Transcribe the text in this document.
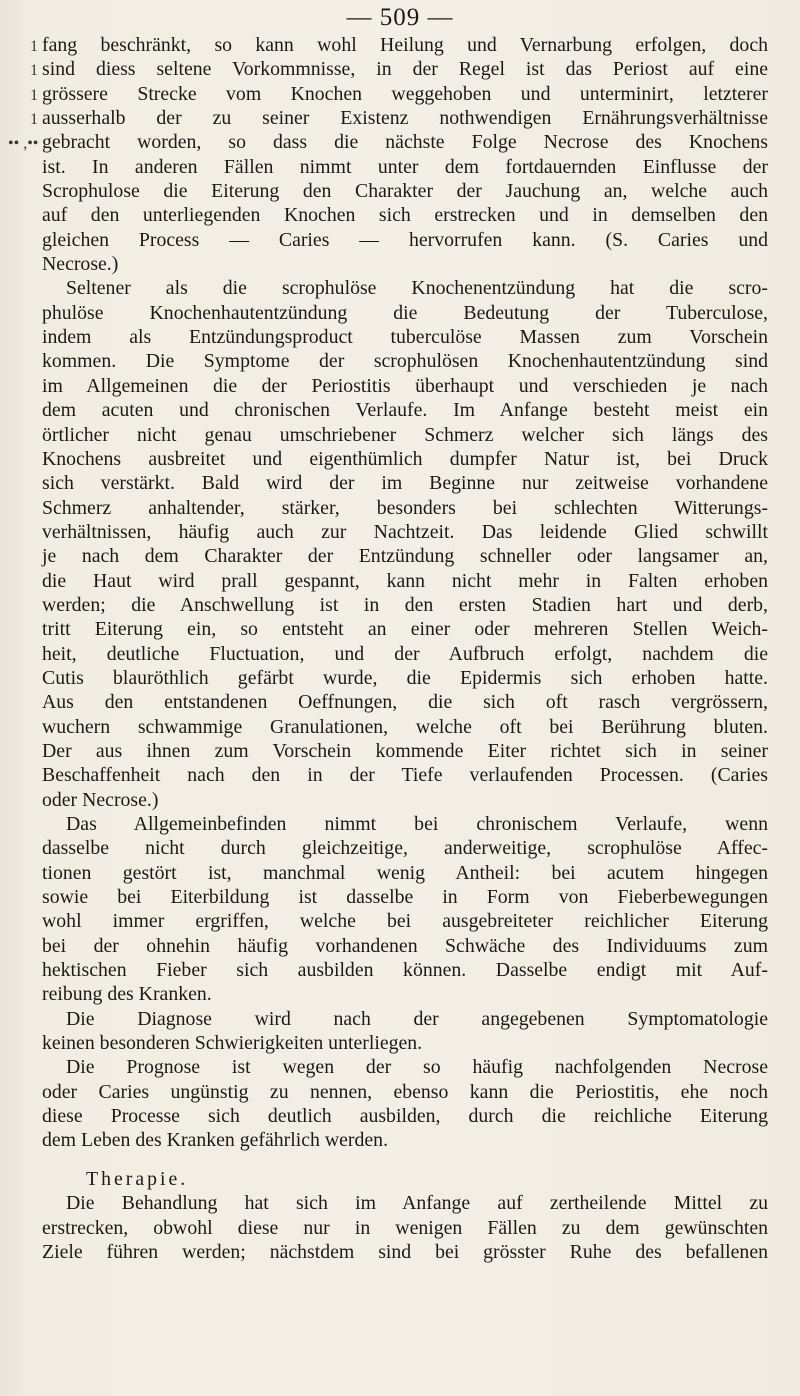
— 509 —
1
1
1
1
•• ,••
fang beschränkt, so kann wohl Heilung und Vernarbung erfolgen, doch
sind diess seltene Vorkommnisse, in der Regel ist das Periost auf eine
grössere Strecke vom Knochen weggehoben und unterminirt, letzterer
ausserhalb der zu seiner Existenz nothwendigen Ernährungsverhältnisse
gebracht worden, so dass die nächste Folge Necrose des Knochens
ist. In anderen Fällen nimmt unter dem fortdauernden Einflusse der
Scrophulose die Eiterung den Charakter der Jauchung an, welche auch
auf den unterliegenden Knochen sich erstrecken und in demselben den
gleichen Process — Caries — hervorrufen kann. (S. Caries und
Necrose.)
Seltener als die scrophulöse Knochenentzündung hat die scro-
phulöse Knochenhautentzündung die Bedeutung der Tuberculose,
indem als Entzündungsproduct tuberculöse Massen zum Vorschein
kommen. Die Symptome der scrophulösen Knochenhautentzündung sind
im Allgemeinen die der Periostitis überhaupt und verschieden je nach
dem acuten und chronischen Verlaufe. Im Anfange besteht meist ein
örtlicher nicht genau umschriebener Schmerz welcher sich längs des
Knochens ausbreitet und eigenthümlich dumpfer Natur ist, bei Druck
sich verstärkt. Bald wird der im Beginne nur zeitweise vorhandene
Schmerz anhaltender, stärker, besonders bei schlechten Witterungs-
verhältnissen, häufig auch zur Nachtzeit. Das leidende Glied schwillt
je nach dem Charakter der Entzündung schneller oder langsamer an,
die Haut wird prall gespannt, kann nicht mehr in Falten erhoben
werden; die Anschwellung ist in den ersten Stadien hart und derb,
tritt Eiterung ein, so entsteht an einer oder mehreren Stellen Weich-
heit, deutliche Fluctuation, und der Aufbruch erfolgt, nachdem die
Cutis blauröthlich gefärbt wurde, die Epidermis sich erhoben hatte.
Aus den entstandenen Oeffnungen, die sich oft rasch vergrössern,
wuchern schwammige Granulationen, welche oft bei Berührung bluten.
Der aus ihnen zum Vorschein kommende Eiter richtet sich in seiner
Beschaffenheit nach den in der Tiefe verlaufenden Processen. (Caries
oder Necrose.)
Das Allgemeinbefinden nimmt bei chronischem Verlaufe, wenn
dasselbe nicht durch gleichzeitige, anderweitige, scrophulöse Affec-
tionen gestört ist, manchmal wenig Antheil: bei acutem hingegen
sowie bei Eiterbildung ist dasselbe in Form von Fieberbewegungen
wohl immer ergriffen, welche bei ausgebreiteter reichlicher Eiterung
bei der ohnehin häufig vorhandenen Schwäche des Individuums zum
hektischen Fieber sich ausbilden können. Dasselbe endigt mit Auf-
reibung des Kranken.
Die Diagnose wird nach der angegebenen Symptomatologie
keinen besonderen Schwierigkeiten unterliegen.
Die Prognose ist wegen der so häufig nachfolgenden Necrose
oder Caries ungünstig zu nennen, ebenso kann die Periostitis, ehe noch
diese Processe sich deutlich ausbilden, durch die reichliche Eiterung
dem Leben des Kranken gefährlich werden.
Therapie.
Die Behandlung hat sich im Anfange auf zertheilende Mittel zu
erstrecken, obwohl diese nur in wenigen Fällen zu dem gewünschten
Ziele führen werden; nächstdem sind bei grösster Ruhe des befallenen
